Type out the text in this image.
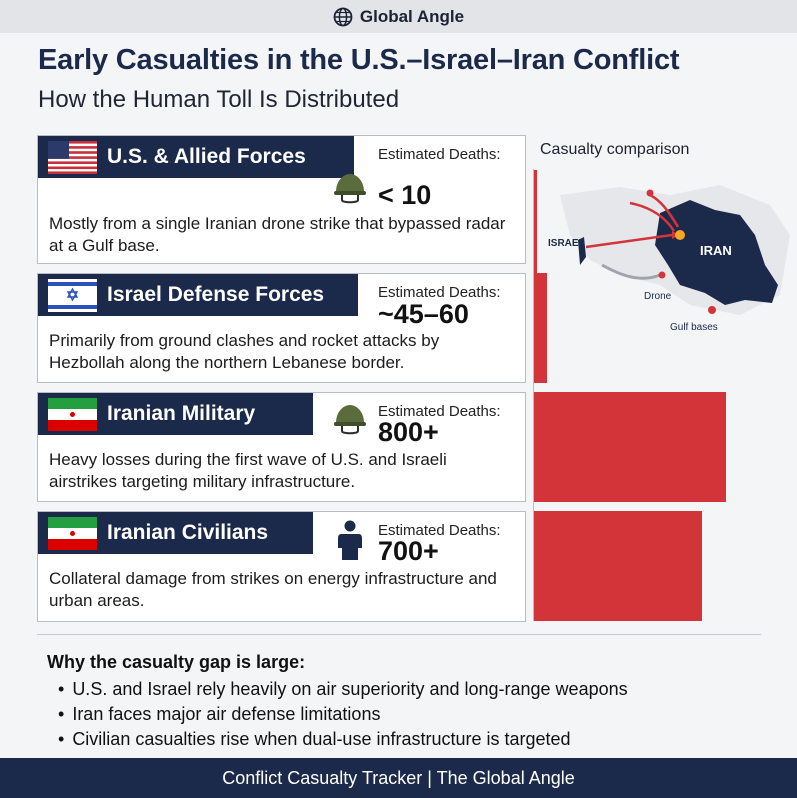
Global Angle
Early Casualties in the U.S.–Israel–Iran Conflict
How the Human Toll Is Distributed
U.S. & Allied Forces	Estimated Deaths:
< 10
Mostly from a single Iranian drone strike that bypassed radar at a Gulf base.
Israel Defense Forces	Estimated Deaths:
~45–60
Primarily from ground clashes and rocket attacks by Hezbollah along the northern Lebanese border.
Iranian Military	Estimated Deaths:
800+
Heavy losses during the first wave of U.S. and Israeli airstrikes targeting military infrastructure.
Iranian Civilians	Estimated Deaths:
700+
Collateral damage from strikes on energy infrastructure and urban areas.
Casualty comparison
IRAN
ISRAEL
Drone
Gulf bases
Why the casualty gap is large:
• U.S. and Israel rely heavily on air superiority and long-range weapons
• Iran faces major air defense limitations
• Civilian casualties rise when dual-use infrastructure is targeted
Conflict Casualty Tracker | The Global Angle
